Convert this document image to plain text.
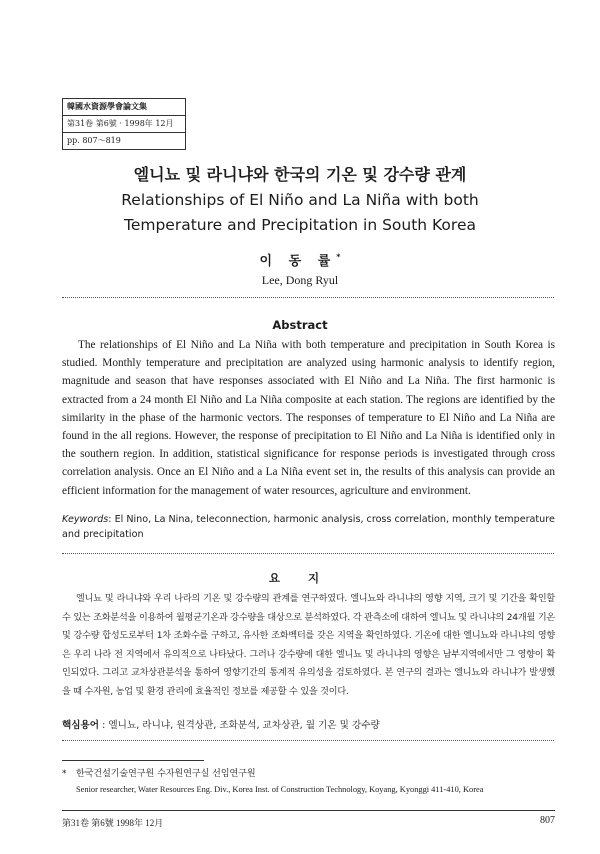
韓國水資源學會論文集
第31卷 第6號 · 1998年 12月
pp. 807～819
엘니뇨 및 라니냐와 한국의 기온 및 강수량 관계
Relationships of El Niño and La Niña with both Temperature and Precipitation in South Korea
이 동 률*
Lee, Dong Ryul
Abstract
The relationships of El Niño and La Niña with both temperature and precipitation in South Korea is studied. Monthly temperature and precipitation are analyzed using harmonic analysis to identify region, magnitude and season that have responses associated with El Niño and La Niña. The first harmonic is extracted from a 24 month El Niño and La Niña composite at each station. The regions are identified by the similarity in the phase of the harmonic vectors. The responses of temperature to El Niño and La Niña are found in the all regions. However, the response of precipitation to El Niño and La Niña is identified only in the southern region. In addition, statistical significance for response periods is investigated through cross correlation analysis. Once an El Niño and a La Niña event set in, the results of this analysis can provide an efficient information for the management of water resources, agriculture and environment.
Keywords: El Nino, La Nina, teleconnection, harmonic analysis, cross correlation, monthly temperature and precipitation
요 지
엘니뇨 및 라니냐와 우리 나라의 기온 및 강수량의 관계를 연구하였다. 엘니뇨와 라니냐의 영향 지역, 크기 및 기간을 확인할 수 있는 조화분석을 이용하여 월평균기온과 강수량을 대상으로 분석하였다. 각 관측소에 대하여 엘니뇨 및 라니냐의 24개월 기온 및 강수량 합성도로부터 1차 조화수를 구하고, 유사한 조화벡터를 갖은 지역을 확인하였다. 기온에 대한 엘니뇨와 라니냐의 영향은 우리 나라 전 지역에서 유의적으로 나타났다. 그러나 강수량에 대한 엘니뇨 및 라니냐의 영향은 남부지역에서만 그 영향이 확인되었다. 그리고 교차상관분석을 통하여 영향기간의 통계적 유의성을 검토하였다. 본 연구의 결과는 엘니뇨와 라니냐가 발생했을 때 수자원, 농업 및 환경 관리에 효율적인 정보를 제공할 수 있을 것이다.
핵심용어 : 엘니뇨, 라니냐, 원격상관, 조화분석, 교차상관, 월 기온 및 강수량
* 한국건설기술연구원 수자원연구실 선임연구원
Senior researcher, Water Resources Eng. Div., Korea Inst. of Construction Technology, Koyang, Kyonggi 411-410, Korea
第31卷 第6號 1998年 12月	807
